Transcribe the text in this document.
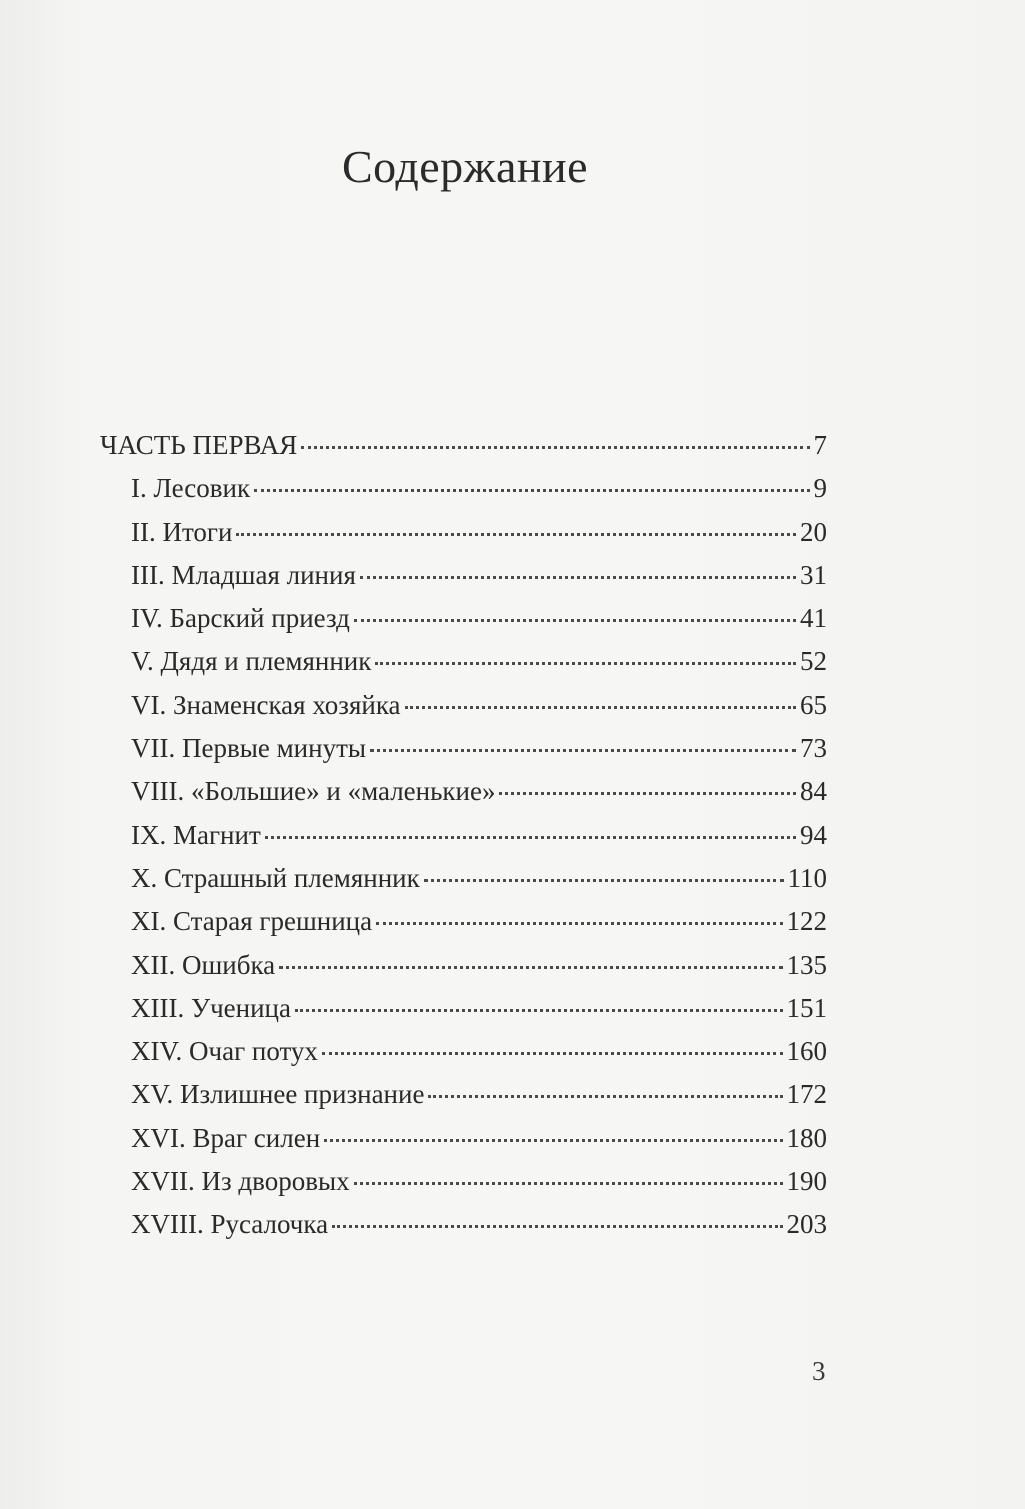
Содержание
ЧАСТЬ ПЕРВАЯ	7
I. Лесовик	9
II. Итоги	20
III. Младшая линия	31
IV. Барский приезд	41
V. Дядя и племянник	52
VI. Знаменская хозяйка	65
VII. Первые минуты	73
VIII. «Большие» и «маленькие»	84
IX. Магнит	94
X. Страшный племянник	110
XI. Старая грешница	122
XII. Ошибка	135
XIII. Ученица	151
XIV. Очаг потух	160
XV. Излишнее признание	172
XVI. Враг силен	180
XVII. Из дворовых	190
XVIII. Русалочка	203
3
